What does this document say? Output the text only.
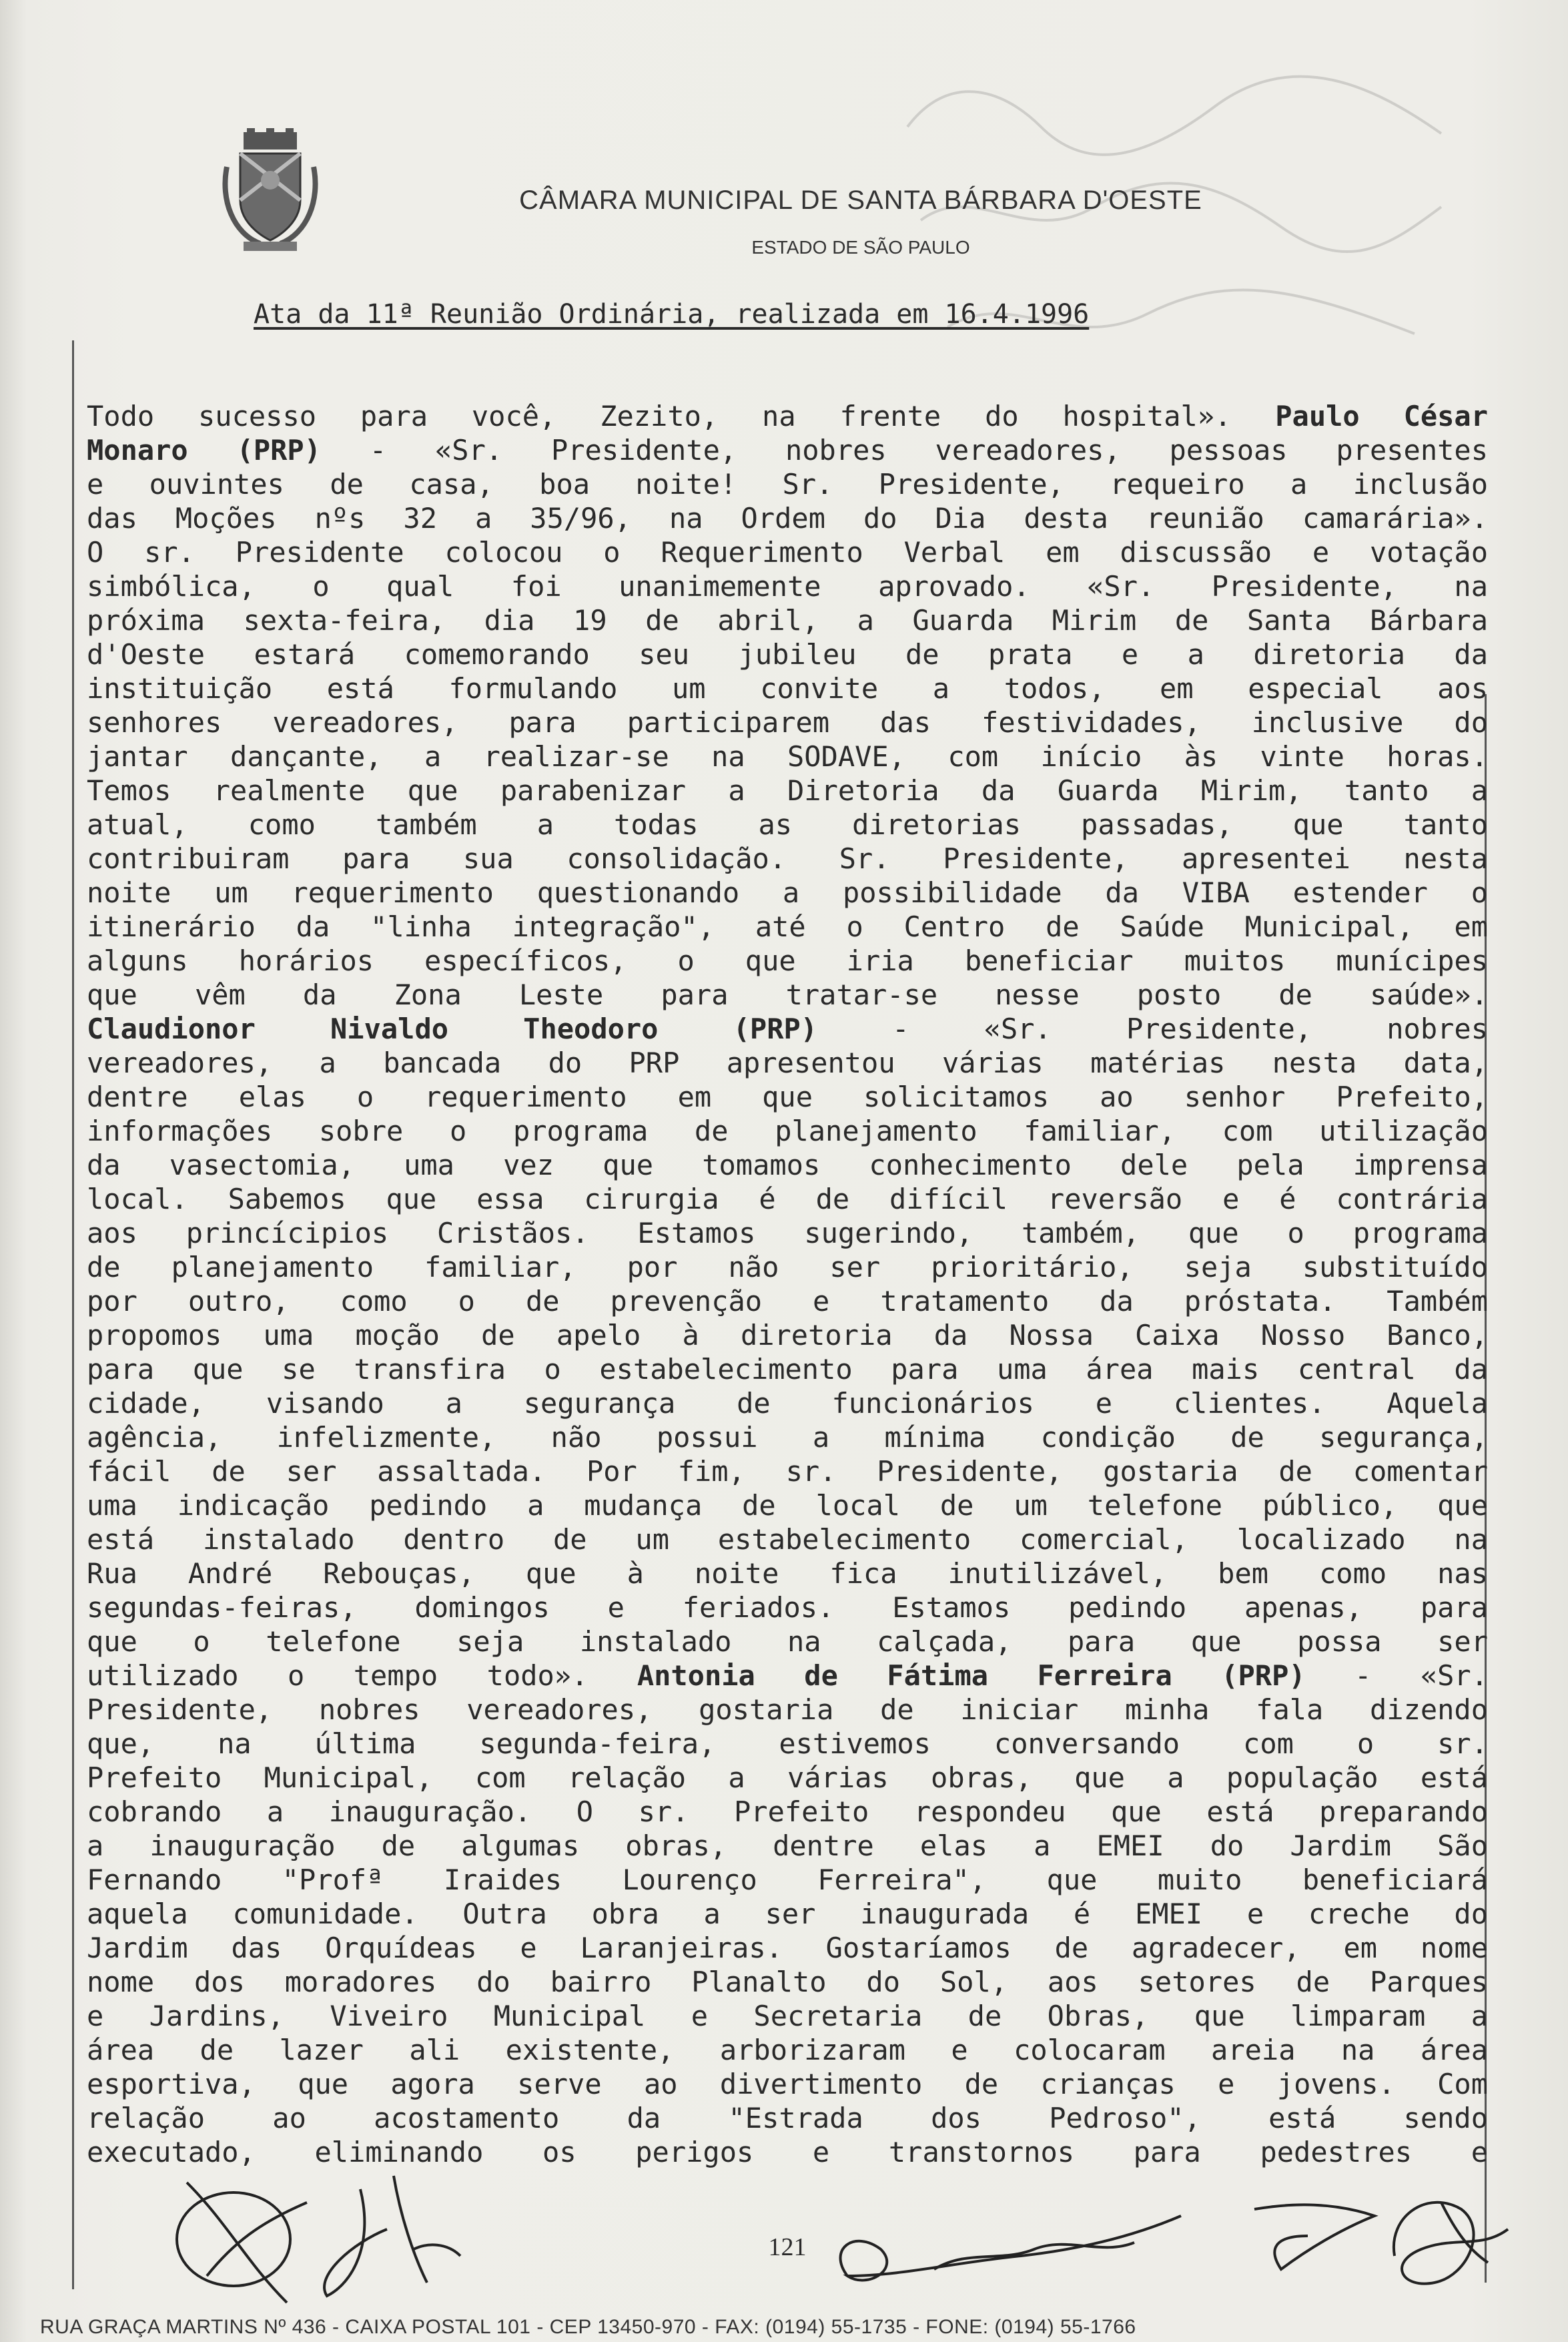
CÂMARA MUNICIPAL DE SANTA BÁRBARA D'OESTE
ESTADO DE SÃO PAULO
Ata da 11ª Reunião Ordinária, realizada em 16.4.1996
Todo sucesso para você, Zezito, na frente do hospital». Paulo César
Monaro (PRP) - «Sr. Presidente, nobres vereadores, pessoas presentes
e ouvintes de casa, boa noite! Sr. Presidente, requeiro a inclusão
das Moções nºs 32 a 35/96, na Ordem do Dia desta reunião camarária».
O sr. Presidente colocou o Requerimento Verbal em discussão e votação
simbólica, o qual foi unanimemente aprovado. «Sr. Presidente, na
próxima sexta-feira, dia 19 de abril, a Guarda Mirim de Santa Bárbara
d'Oeste estará comemorando seu jubileu de prata e a diretoria da
instituição está formulando um convite a todos, em especial aos
senhores vereadores, para participarem das festividades, inclusive do
jantar dançante, a realizar-se na SODAVE, com início às vinte horas.
Temos realmente que parabenizar a Diretoria da Guarda Mirim, tanto a
atual, como também a todas as diretorias passadas, que tanto
contribuiram para sua consolidação. Sr. Presidente, apresentei nesta
noite um requerimento questionando a possibilidade da VIBA estender o
itinerário da "linha integração", até o Centro de Saúde Municipal, em
alguns horários específicos, o que iria beneficiar muitos munícipes
que vêm da Zona Leste para tratar-se nesse posto de saúde».
Claudionor Nivaldo Theodoro (PRP) - «Sr. Presidente, nobres
vereadores, a bancada do PRP apresentou várias matérias nesta data,
dentre elas o requerimento em que solicitamos ao senhor Prefeito,
informações sobre o programa de planejamento familiar, com utilização
da vasectomia, uma vez que tomamos conhecimento dele pela imprensa
local. Sabemos que essa cirurgia é de difícil reversão e é contrária
aos princícipios Cristãos. Estamos sugerindo, também, que o programa
de planejamento familiar, por não ser prioritário, seja substituído
por outro, como o de prevenção e tratamento da próstata. Também
propomos uma moção de apelo à diretoria da Nossa Caixa Nosso Banco,
para que se transfira o estabelecimento para uma área mais central da
cidade, visando a segurança de funcionários e clientes. Aquela
agência, infelizmente, não possui a mínima condição de segurança,
fácil de ser assaltada. Por fim, sr. Presidente, gostaria de comentar
uma indicação pedindo a mudança de local de um telefone público, que
está instalado dentro de um estabelecimento comercial, localizado na
Rua André Rebouças, que à noite fica inutilizável, bem como nas
segundas-feiras, domingos e feriados. Estamos pedindo apenas, para
que o telefone seja instalado na calçada, para que possa ser
utilizado o tempo todo». Antonia de Fátima Ferreira (PRP) - «Sr.
Presidente, nobres vereadores, gostaria de iniciar minha fala dizendo
que, na última segunda-feira, estivemos conversando com o sr.
Prefeito Municipal, com relação a várias obras, que a população está
cobrando a inauguração. O sr. Prefeito respondeu que está preparando
a inauguração de algumas obras, dentre elas a EMEI do Jardim São
Fernando "Profª Iraides Lourenço Ferreira", que muito beneficiará
aquela comunidade. Outra obra a ser inaugurada é EMEI e creche do
Jardim das Orquídeas e Laranjeiras. Gostaríamos de agradecer, em nome
nome dos moradores do bairro Planalto do Sol, aos setores de Parques
e Jardins, Viveiro Municipal e Secretaria de Obras, que limparam a
área de lazer ali existente, arborizaram e colocaram areia na área
esportiva, que agora serve ao divertimento de crianças e jovens. Com
relação ao acostamento da "Estrada dos Pedroso", está sendo
executado, eliminando os perigos e transtornos para pedestres e
121
RUA GRAÇA MARTINS Nº 436 - CAIXA POSTAL 101 - CEP 13450-970 - FAX: (0194) 55-1735 - FONE: (0194) 55-1766
